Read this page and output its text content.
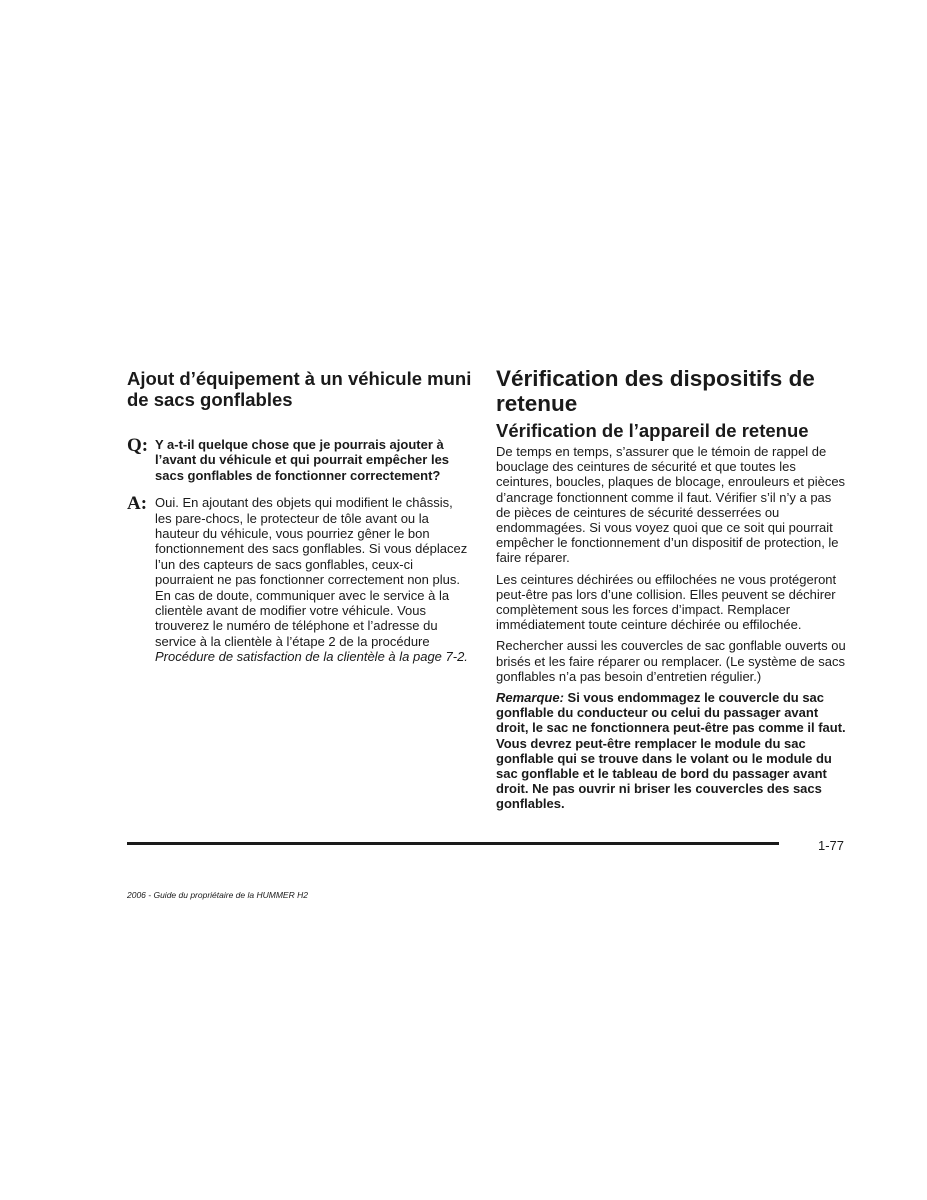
Ajout d’équipement à un véhicule muni de sacs gonflables
Q: Y a-t-il quelque chose que je pourrais ajouter à l’avant du véhicule et qui pourrait empêcher les sacs gonflables de fonctionner correctement?
A: Oui. En ajoutant des objets qui modifient le châssis, les pare-chocs, le protecteur de tôle avant ou la hauteur du véhicule, vous pourriez gêner le bon fonctionnement des sacs gonflables. Si vous déplacez l’un des capteurs de sacs gonflables, ceux-ci pourraient ne pas fonctionner correctement non plus. En cas de doute, communiquer avec le service à la clientèle avant de modifier votre véhicule. Vous trouverez le numéro de téléphone et l’adresse du service à la clientèle à l’étape 2 de la procédure Procédure de satisfaction de la clientèle à la page 7-2.
Vérification des dispositifs de retenue
Vérification de l’appareil de retenue

De temps en temps, s’assurer que le témoin de rappel de bouclage des ceintures de sécurité et que toutes les ceintures, boucles, plaques de blocage, enrouleurs et pièces d’ancrage fonctionnent comme il faut. Vérifier s’il n’y a pas de pièces de ceintures de sécurité desserrées ou endommagées. Si vous voyez quoi que ce soit qui pourrait empêcher le fonctionnement d’un dispositif de protection, le faire réparer.

Les ceintures déchirées ou effilochées ne vous protégeront peut-être pas lors d’une collision. Elles peuvent se déchirer complètement sous les forces d’impact. Remplacer immédiatement toute ceinture déchirée ou effilochée.

Rechercher aussi les couvercles de sac gonflable ouverts ou brisés et les faire réparer ou remplacer. (Le système de sacs gonflables n’a pas besoin d’entretien régulier.)

Remarque: Si vous endommagez le couvercle du sac gonflable du conducteur ou celui du passager avant droit, le sac ne fonctionnera peut-être pas comme il faut. Vous devrez peut-être remplacer le module du sac gonflable qui se trouve dans le volant ou le module du sac gonflable et le tableau de bord du passager avant droit. Ne pas ouvrir ni briser les couvercles des sacs gonflables.

1-77
2006 - Guide du propriétaire de la HUMMER H2
